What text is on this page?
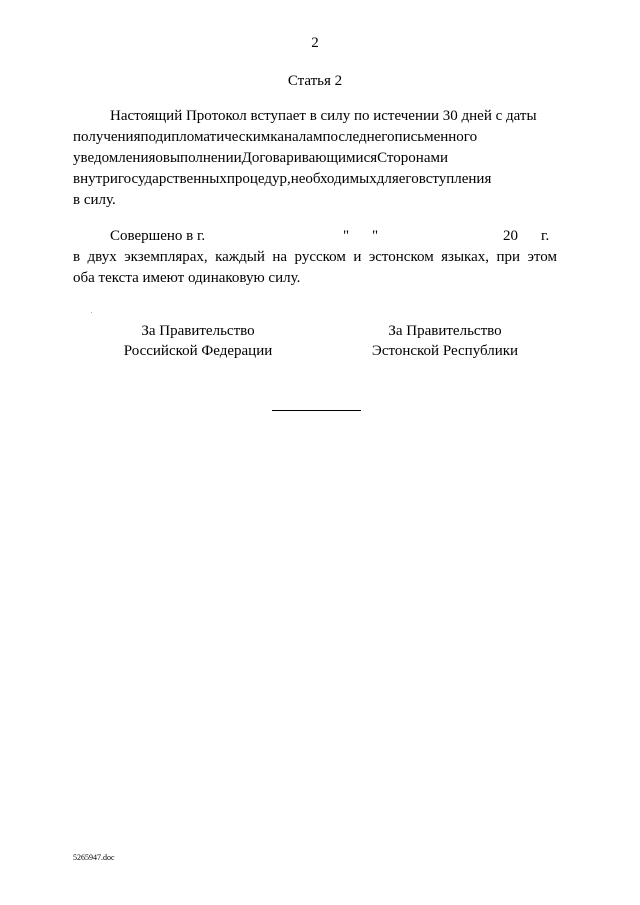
2
Статья 2
Настоящий Протокол вступает в силу по истечении 30 дней с даты
полученияподипломатическимканалампоследнегописьменного
уведомленияовыполненииДоговаривающимисяСторонами
внутригосударственныхпроцедур,необходимыхдляеговступления
в силу.
Совершено в г.	" "	20 г.
в двух экземплярах, каждый на русском и эстонском языках, при этом
оба текста имеют одинаковую силу.
За Правительство
Российской Федерации
За Правительство
Эстонской Республики
5265947.doc
